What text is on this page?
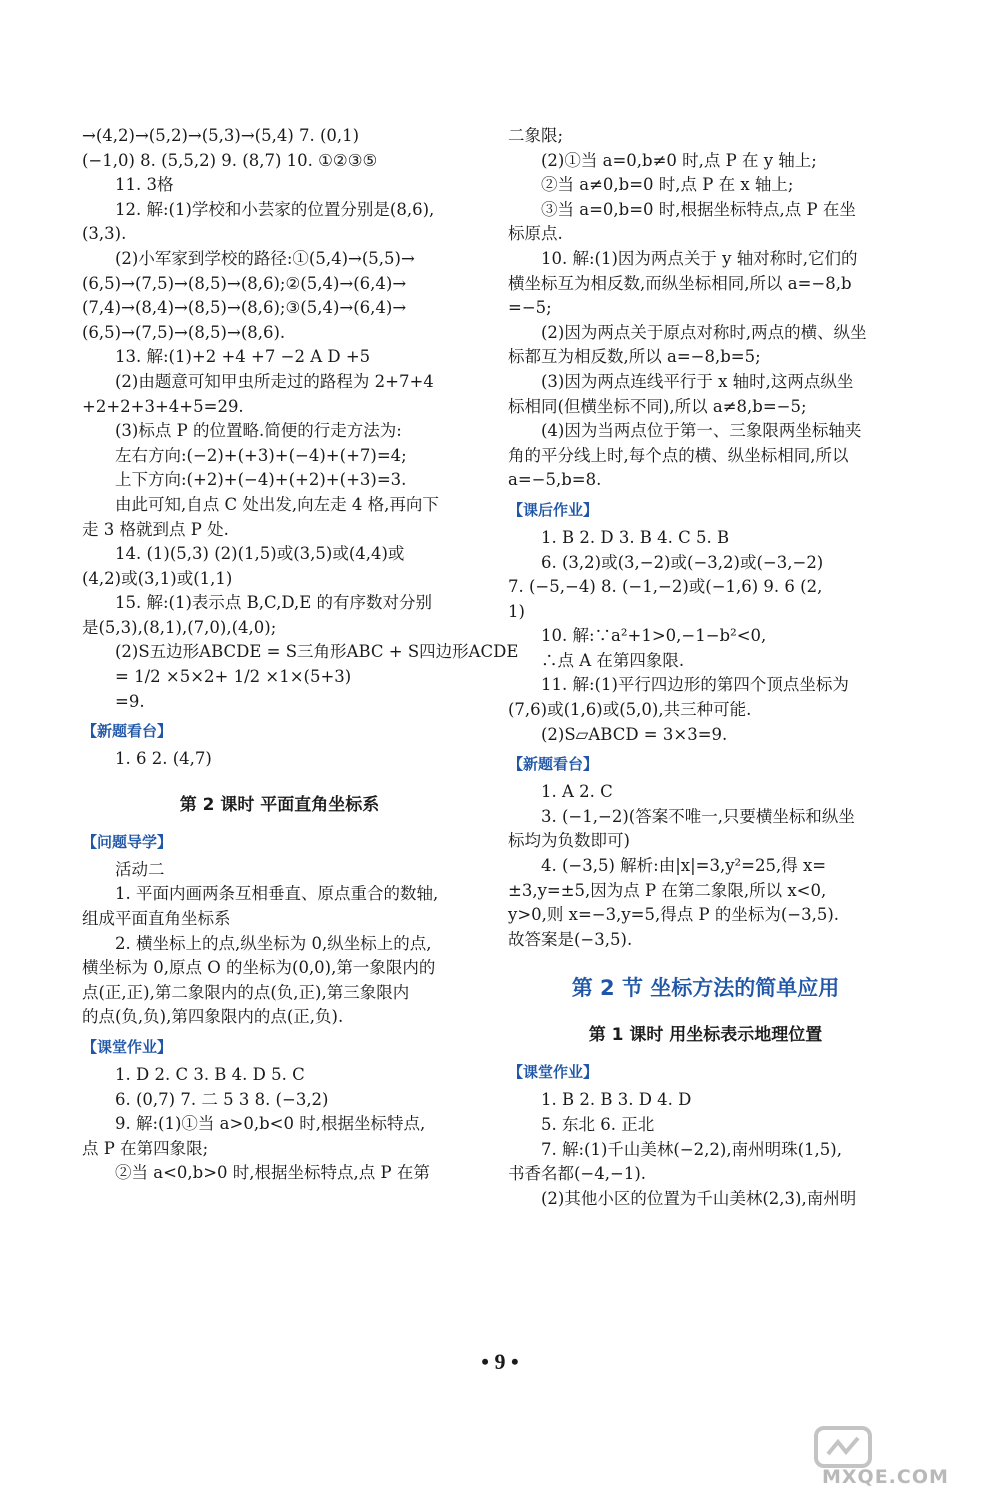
→(4,2)→(5,2)→(5,3)→(5,4) 7. (0,1)
(−1,0) 8. (5,5,2) 9. (8,7) 10. ①②③⑤
11. 3格
12. 解:(1)学校和小芸家的位置分别是(8,6),
(3,3).
(2)小军家到学校的路径:①(5,4)→(5,5)→
(6,5)→(7,5)→(8,5)→(8,6);②(5,4)→(6,4)→
(7,4)→(8,4)→(8,5)→(8,6);③(5,4)→(6,4)→
(6,5)→(7,5)→(8,5)→(8,6).
13. 解:(1)+2 +4 +7 −2 A D +5
(2)由题意可知甲虫所走过的路程为 2+7+4
+2+2+3+4+5=29.
(3)标点 P 的位置略.简便的行走方法为:
左右方向:(−2)+(+3)+(−4)+(+7)=4;
上下方向:(+2)+(−4)+(+2)+(+3)=3.
由此可知,自点 C 处出发,向左走 4 格,再向下
走 3 格就到点 P 处.
14. (1)(5,3) (2)(1,5)或(3,5)或(4,4)或
(4,2)或(3,1)或(1,1)
15. 解:(1)表示点 B,C,D,E 的有序数对分别
是(5,3),(8,1),(7,0),(4,0);
(2)S五边形ABCDE = S三角形ABC + S四边形ACDE
= 1/2 ×5×2+ 1/2 ×1×(5+3)
=9.
【新题看台】
1. 6 2. (4,7)
第 2 课时 平面直角坐标系
【问题导学】
活动二
1. 平面内画两条互相垂直、原点重合的数轴,
组成平面直角坐标系
2. 横坐标上的点,纵坐标为 0,纵坐标上的点,
横坐标为 0,原点 O 的坐标为(0,0),第一象限内的
点(正,正),第二象限内的点(负,正),第三象限内
的点(负,负),第四象限内的点(正,负).
【课堂作业】
1. D 2. C 3. B 4. D 5. C
6. (0,7) 7. 二 5 3 8. (−3,2)
9. 解:(1)①当 a>0,b<0 时,根据坐标特点,
点 P 在第四象限;
②当 a<0,b>0 时,根据坐标特点,点 P 在第
二象限;
(2)①当 a=0,b≠0 时,点 P 在 y 轴上;
②当 a≠0,b=0 时,点 P 在 x 轴上;
③当 a=0,b=0 时,根据坐标特点,点 P 在坐
标原点.
10. 解:(1)因为两点关于 y 轴对称时,它们的
横坐标互为相反数,而纵坐标相同,所以 a=−8,b
=−5;
(2)因为两点关于原点对称时,两点的横、纵坐
标都互为相反数,所以 a=−8,b=5;
(3)因为两点连线平行于 x 轴时,这两点纵坐
标相同(但横坐标不同),所以 a≠8,b=−5;
(4)因为当两点位于第一、三象限两坐标轴夹
角的平分线上时,每个点的横、纵坐标相同,所以
a=−5,b=8.
【课后作业】
1. B 2. D 3. B 4. C 5. B
6. (3,2)或(3,−2)或(−3,2)或(−3,−2)
7. (−5,−4) 8. (−1,−2)或(−1,6) 9. 6 (2,
1)
10. 解:∵a²+1>0,−1−b²<0,
∴点 A 在第四象限.
11. 解:(1)平行四边形的第四个顶点坐标为
(7,6)或(1,6)或(5,0),共三种可能.
(2)S▱ABCD = 3×3=9.
【新题看台】
1. A 2. C
3. (−1,−2)(答案不唯一,只要横坐标和纵坐
标均为负数即可)
4. (−3,5) 解析:由|x|=3,y²=25,得 x=
±3,y=±5,因为点 P 在第二象限,所以 x<0,
y>0,则 x=−3,y=5,得点 P 的坐标为(−3,5).
故答案是(−3,5).
第 2 节 坐标方法的简单应用
第 1 课时 用坐标表示地理位置
【课堂作业】
1. B 2. B 3. D 4. D
5. 东北 6. 正北
7. 解:(1)千山美林(−2,2),南州明珠(1,5),
书香名都(−4,−1).
(2)其他小区的位置为千山美林(2,3),南州明
• 9 •
MXQE.COM
